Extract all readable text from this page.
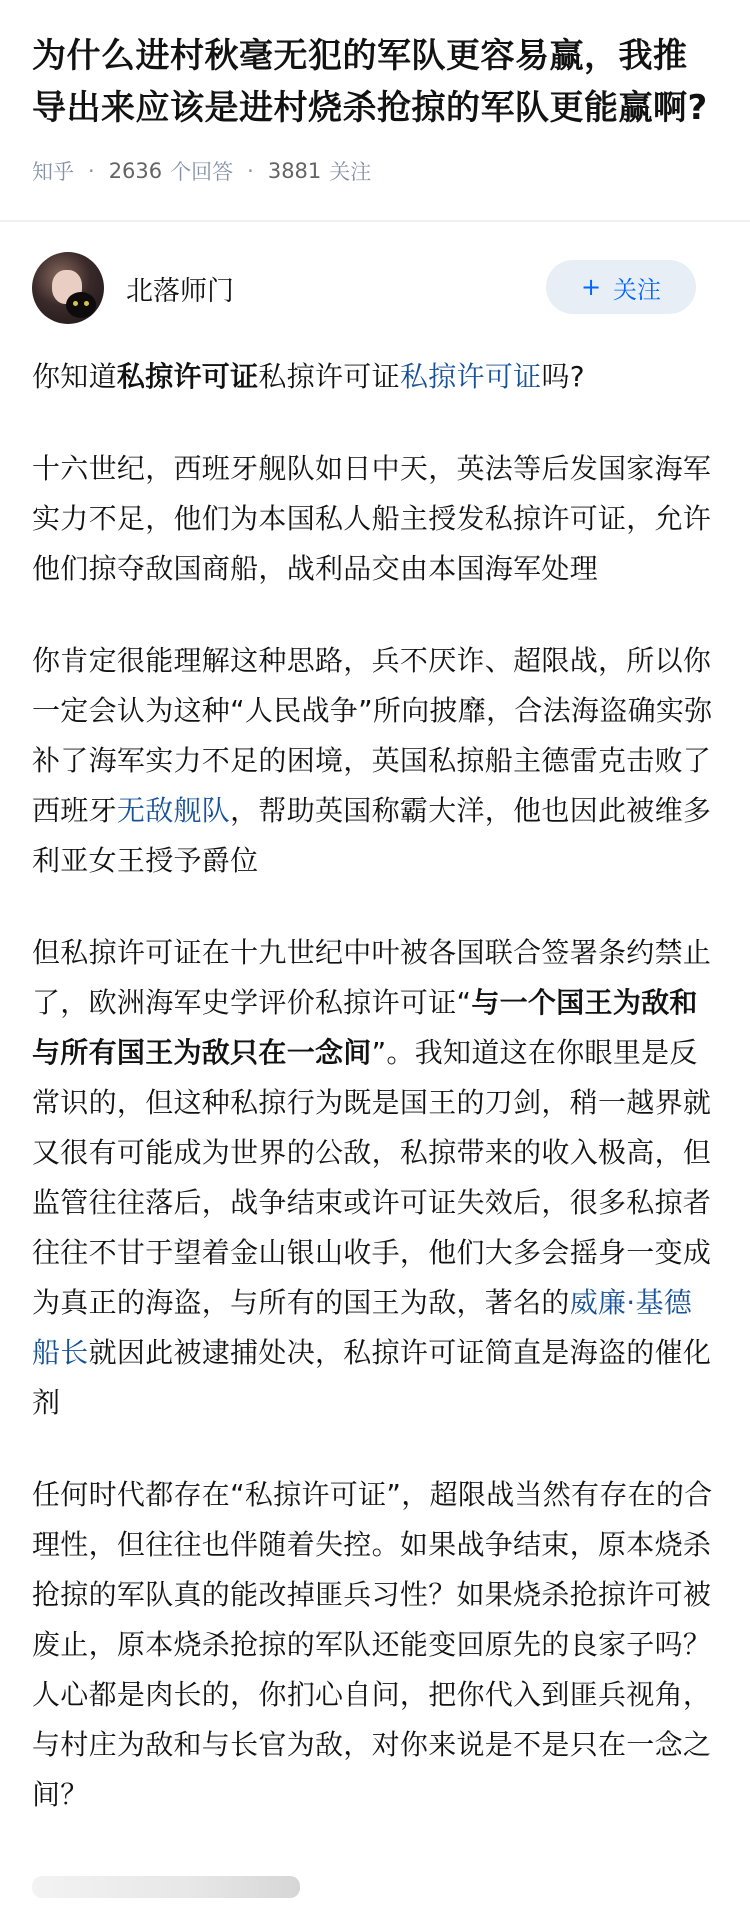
为什么进村秋毫无犯的军队更容易赢，我推导出来应该是进村烧杀抢掠的军队更能赢啊?
知乎 · 2636 个回答 · 3881 关注
北落师门	+ 关注

你知道私掠许可证私掠许可证私掠许可证吗?

十六世纪，西班牙舰队如日中天，英法等后发国家海军实力不足，他们为本国私人船主授发私掠许可证，允许他们掠夺敌国商船，战利品交由本国海军处理

你肯定很能理解这种思路，兵不厌诈、超限战，所以你一定会认为这种“人民战争”所向披靡，合法海盗确实弥补了海军实力不足的困境，英国私掠船主德雷克击败了西班牙无敌舰队，帮助英国称霸大洋，他也因此被维多利亚女王授予爵位

但私掠许可证在十九世纪中叶被各国联合签署条约禁止了，欧洲海军史学评价私掠许可证“与一个国王为敌和与所有国王为敌只在一念间”。我知道这在你眼里是反常识的，但这种私掠行为既是国王的刀剑，稍一越界就又很有可能成为世界的公敌，私掠带来的收入极高，但监管往往落后，战争结束或许可证失效后，很多私掠者往往不甘于望着金山银山收手，他们大多会摇身一变成为真正的海盗，与所有的国王为敌，著名的威廉·基德船长就因此被逮捕处决，私掠许可证简直是海盗的催化剂

任何时代都存在“私掠许可证”，超限战当然有存在的合理性，但往往也伴随着失控。如果战争结束，原本烧杀抢掠的军队真的能改掉匪兵习性？如果烧杀抢掠许可被废止，原本烧杀抢掠的军队还能变回原先的良家子吗？人心都是肉长的，你扪心自问，把你代入到匪兵视角，与村庄为敌和与长官为敌，对你来说是不是只在一念之间？
